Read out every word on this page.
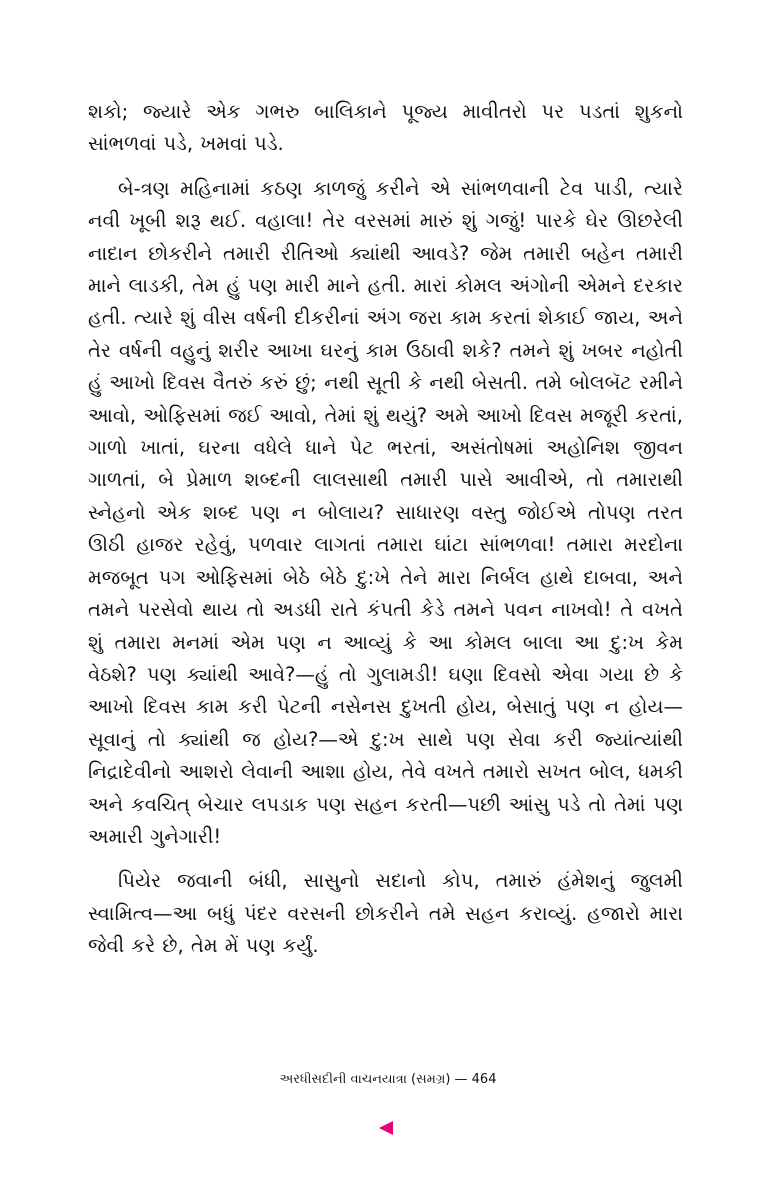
શકો; જ્યારે એક ગભરુ બાલિકાને પૂજ્ય માવીતરો પર પડતાં શુકનો સાંભળવાં પડે, ખમવાં પડે.

બે-ત્રણ મહિનામાં કઠણ કાળજું કરીને એ સાંભળવાની ટેવ પાડી, ત્યારે નવી ખૂબી શરૂ થઈ. વહાલા! તેર વરસમાં મારું શું ગજું! પારકે ઘેર ઊછરેલી નાદાન છોકરીને તમારી રીતિઓ ક્યાંથી આવડે? જેમ તમારી બહેન તમારી માને લાડકી, તેમ હું પણ મારી માને હતી. મારાં કોમલ અંગોની એમને દરકાર હતી. ત્યારે શું વીસ વર્ષની દીકરીનાં અંગ જરા કામ કરતાં શેકાઈ જાય, અને તેર વર્ષની વહુનું શરીર આખા ઘરનું કામ ઉઠાવી શકે? તમને શું ખબર નહોતી હું આખો દિવસ વૈતરું કરું છું; નથી સૂતી કે નથી બેસતી. તમે બોલબૅટ રમીને આવો, ઓફિસમાં જઈ આવો, તેમાં શું થયું? અમે આખો દિવસ મજૂરી કરતાં, ગાળો ખાતાં, ઘરના વધેલે ધાને પેટ ભરતાં, અસંતોષમાં અહોનિશ જીવન ગાળતાં, બે પ્રેમાળ શબ્દની લાલસાથી તમારી પાસે આવીએ, તો તમારાથી સ્નેહનો એક શબ્દ પણ ન બોલાય? સાધારણ વસ્તુ જોઈએ તોપણ તરત ઊઠી હાજર રહેવું, પળવાર લાગતાં તમારા ઘાંટા સાંભળવા! તમારા મરદોના મજબૂત પગ ઓફિસમાં બેઠે બેઠે દુ:ખે તેને મારા નિર્બલ હાથે દાબવા, અને તમને પરસેવો થાય તો અડધી રાતે કંપતી કેડે તમને પવન નાખવો! તે વખતે શું તમારા મનમાં એમ પણ ન આવ્યું કે આ કોમલ બાલા આ દુ:ખ કેમ વેઠશે? પણ ક્યાંથી આવે?—હું તો ગુલામડી! ઘણા દિવસો એવા ગયા છે કે આખો દિવસ કામ કરી પેટની નસેનસ દુખતી હોય, બેસાતું પણ ન હોય—સૂવાનું તો ક્યાંથી જ હોય?—એ દુ:ખ સાથે પણ સેવા કરી જ્યાંત્યાંથી નિદ્રાદેવીનો આશરો લેવાની આશા હોય, તેવે વખતે તમારો સખત બોલ, ધમકી અને કવચિત્ બેચાર લપડાક પણ સહન કરતી—પછી આંસુ પડે તો તેમાં પણ અમારી ગુનેગારી!

પિયેર જવાની બંધી, સાસુનો સદાનો કોપ, તમારું હંમેશનું જુલમી સ્વામિત્વ—આ બધું પંદર વરસની છોકરીને તમે સહન કરાવ્યું. હજારો મારા જેવી કરે છે, તેમ મેં પણ કર્યું.

અરધીસદીની વાચનયાત્રા (સમગ્ર) — 464
